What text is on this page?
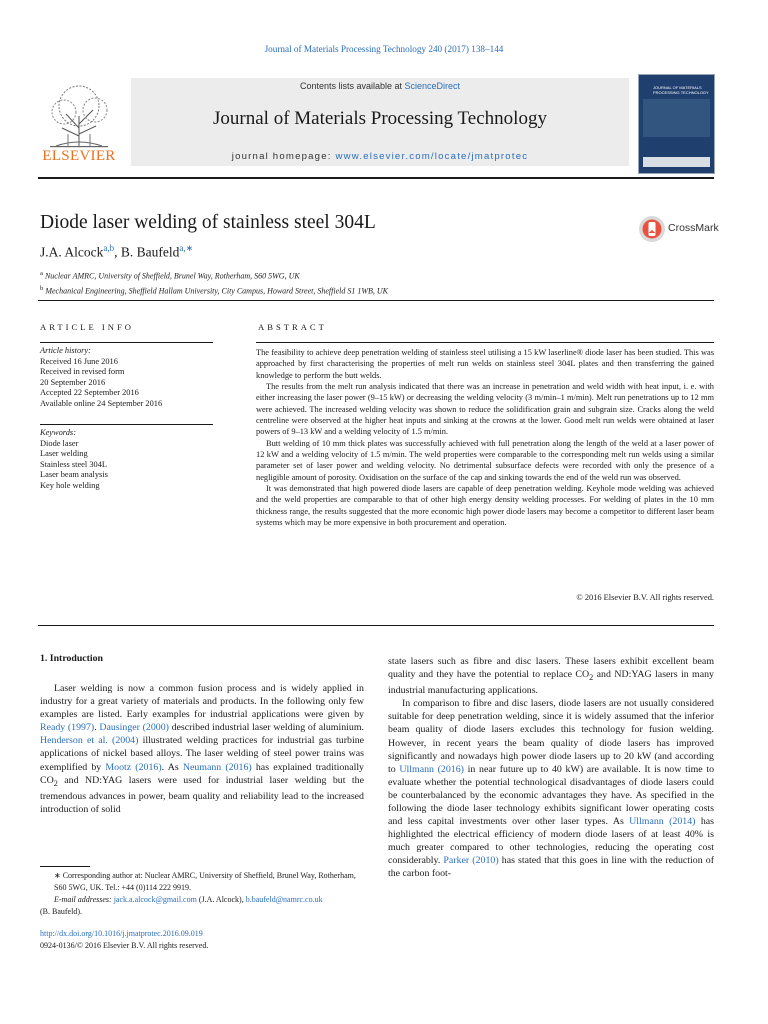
Journal of Materials Processing Technology 240 (2017) 138–144
ELSEVIER
Contents lists available at ScienceDirect
Journal of Materials Processing Technology
journal homepage: www.elsevier.com/locate/jmatprotec
JOURNAL OF MATERIALS PROCESSING TECHNOLOGY
Diode laser welding of stainless steel 304L	CrossMark
J.A. Alcock$^{a,b}$, B. Baufeld$^{a,∗}$
$^a$ Nuclear AMRC, University of Sheffield, Brunel Way, Rotherham, S60 5WG, UK
$^b$ Mechanical Engineering, Sheffield Hallam University, City Campus, Howard Street, Sheffield S1 1WB, UK
ARTICLE INFO	ABSTRACT
Article history:
Received 16 June 2016
Received in revised form
20 September 2016
Accepted 22 September 2016
Available online 24 September 2016
Keywords:
Diode laser
Laser welding
Stainless steel 304L
Laser beam analysis
Key hole welding

The feasibility to achieve deep penetration welding of stainless steel utilising a 15 kW laserline® diode laser has been studied. This was approached by first characterising the properties of melt run welds on stainless steel 304L plates and then transferring the gained knowledge to perform the butt welds.

The results from the melt run analysis indicated that there was an increase in penetration and weld width with heat input, i. e. with either increasing the laser power (9–15 kW) or decreasing the welding velocity (3 m/min–1 m/min). Melt run penetrations up to 12 mm were achieved. The increased welding velocity was shown to reduce the solidification grain and subgrain size. Cracks along the weld centreline were observed at the higher heat inputs and sinking at the crowns at the lower. Good melt run welds were obtained at laser powers of 9–13 kW and a welding velocity of 1.5 m/min.

Butt welding of 10 mm thick plates was successfully achieved with full penetration along the length of the weld at a laser power of 12 kW and a welding velocity of 1.5 m/min. The weld properties were comparable to the corresponding melt run welds using a similar parameter set of laser power and welding velocity. No detrimental subsurface defects were recorded with only the presence of a negligible amount of porosity. Oxidisation on the surface of the cap and sinking towards the end of the weld run was observed.

It was demonstrated that high powered diode lasers are capable of deep penetration welding. Keyhole mode welding was achieved and the weld properties are comparable to that of other high energy density welding processes. For welding of plates in the 10 mm thickness range, the results suggested that the more economic high power diode lasers may become a competitor to different laser beam systems which may be more expensive in both procurement and operation.

© 2016 Elsevier B.V. All rights reserved.
1. Introduction

Laser welding is now a common fusion process and is widely applied in industry for a great variety of materials and products. In the following only few examples are listed. Early examples for industrial applications were given by Ready (1997). Dausinger (2000) described industrial laser welding of aluminium. Henderson et al. (2004) illustrated welding practices for industrial gas turbine applications of nickel based alloys. The laser welding of steel power trains was exemplified by Mootz (2016). As Neumann (2016) has explained traditionally $CO_2$ and ND:YAG lasers were used for industrial laser welding but the tremendous advances in power, beam quality and reliability lead to the increased introduction of solid

state lasers such as fibre and disc lasers. These lasers exhibit excellent beam quality and they have the potential to replace $CO_2$ and ND:YAG lasers in many industrial manufacturing applications.

In comparison to fibre and disc lasers, diode lasers are not usually considered suitable for deep penetration welding, since it is widely assumed that the inferior beam quality of diode lasers excludes this technology for fusion welding. However, in recent years the beam quality of diode lasers has improved significantly and nowadays high power diode lasers up to 20 kW (and according to Ullmann (2016) in near future up to 40 kW) are available. It is now time to evaluate whether the potential technological disadvantages of diode lasers could be counterbalanced by the economic advantages they have. As specified in the following the diode laser technology exhibits significant lower operating costs and less capital investments over other laser types. As Ullmann (2014) has highlighted the electrical efficiency of modern diode lasers of at least 40% is much greater compared to other technologies, reducing the operating cost considerably. Parker (2010) has stated that this goes in line with the reduction of the carbon foot-

∗ Corresponding author at: Nuclear AMRC, University of Sheffield, Brunel Way, Rotherham, S60 5WG, UK. Tel.: +44 (0)114 222 9919.
E-mail addresses: jack.a.alcock@gmail.com (J.A. Alcock), b.baufeld@namrc.co.uk
(B. Baufeld).
http://dx.doi.org/10.1016/j.jmatprotec.2016.09.019
0924-0136/© 2016 Elsevier B.V. All rights reserved.
